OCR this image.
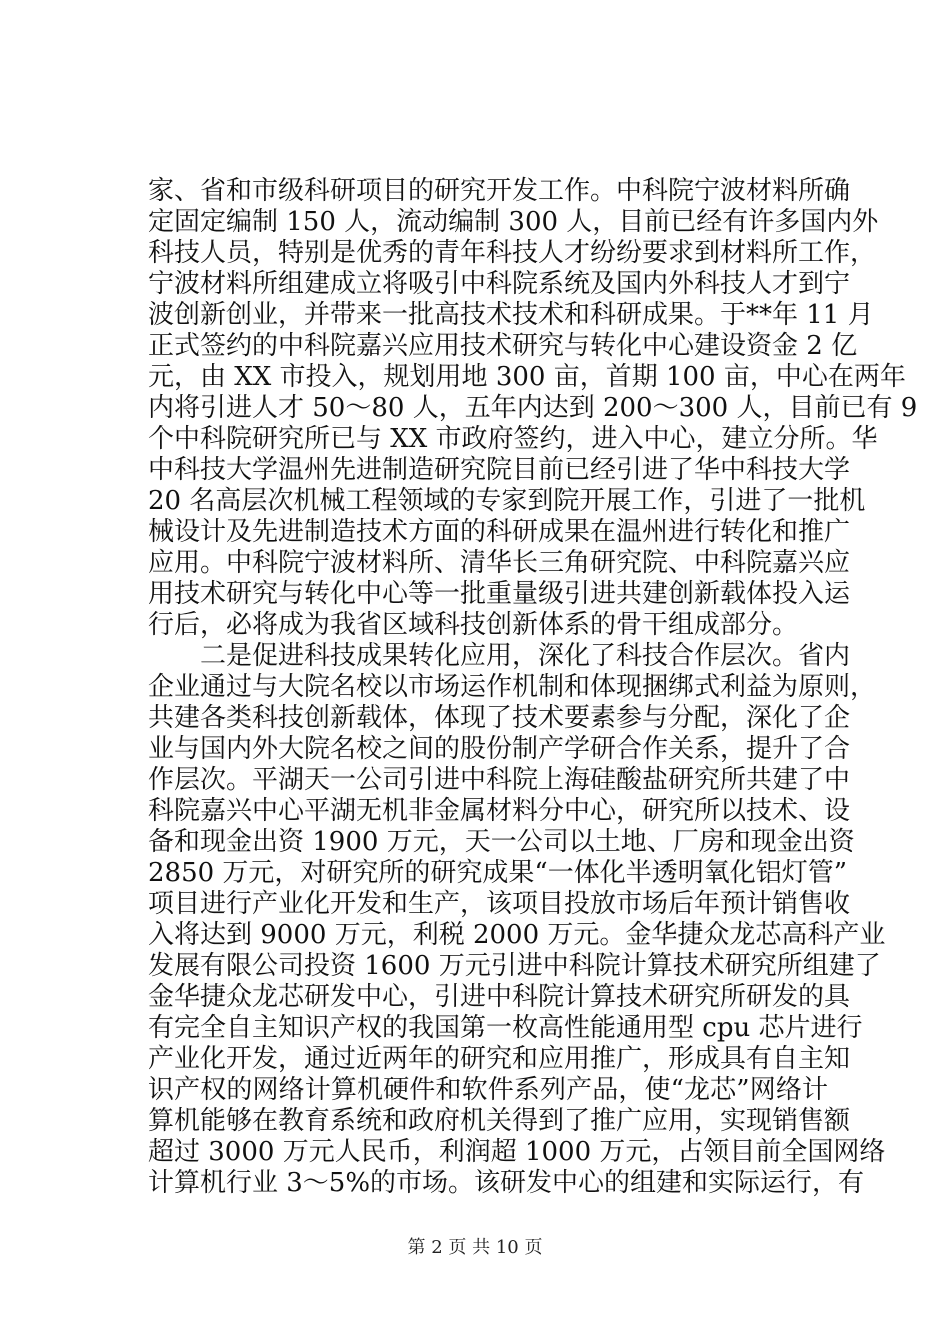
家、省和市级科研项目的研究开发工作。中科院宁波材料所确
定固定编制 150 人，流动编制 300 人，目前已经有许多国内外
科技人员，特别是优秀的青年科技人才纷纷要求到材料所工作，
宁波材料所组建成立将吸引中科院系统及国内外科技人才到宁
波创新创业，并带来一批高技术技术和科研成果。于**年 11 月
正式签约的中科院嘉兴应用技术研究与转化中心建设资金 2 亿
元，由 XX 市投入，规划用地 300 亩，首期 100 亩，中心在两年
内将引进人才 50～80 人，五年内达到 200～300 人，目前已有 9
个中科院研究所已与 XX 市政府签约，进入中心，建立分所。华
中科技大学温州先进制造研究院目前已经引进了华中科技大学
20 名高层次机械工程领域的专家到院开展工作，引进了一批机
械设计及先进制造技术方面的科研成果在温州进行转化和推广
应用。中科院宁波材料所、清华长三角研究院、中科院嘉兴应
用技术研究与转化中心等一批重量级引进共建创新载体投入运
行后，必将成为我省区域科技创新体系的骨干组成部分。
　　二是促进科技成果转化应用，深化了科技合作层次。省内
企业通过与大院名校以市场运作机制和体现捆绑式利益为原则，
共建各类科技创新载体，体现了技术要素参与分配，深化了企
业与国内外大院名校之间的股份制产学研合作关系，提升了合
作层次。平湖天一公司引进中科院上海硅酸盐研究所共建了中
科院嘉兴中心平湖无机非金属材料分中心，研究所以技术、设
备和现金出资 1900 万元，天一公司以土地、厂房和现金出资
2850 万元，对研究所的研究成果“一体化半透明氧化铝灯管”
项目进行产业化开发和生产，该项目投放市场后年预计销售收
入将达到 9000 万元，利税 2000 万元。金华捷众龙芯高科产业
发展有限公司投资 1600 万元引进中科院计算技术研究所组建了
金华捷众龙芯研发中心，引进中科院计算技术研究所研发的具
有完全自主知识产权的我国第一枚高性能通用型 cpu 芯片进行
产业化开发，通过近两年的研究和应用推广，形成具有自主知
识产权的网络计算机硬件和软件系列产品，使“龙芯”网络计
算机能够在教育系统和政府机关得到了推广应用，实现销售额
超过 3000 万元人民币，利润超 1000 万元，占领目前全国网络
计算机行业 3～5%的市场。该研发中心的组建和实际运行，有
第 2 页 共 10 页
